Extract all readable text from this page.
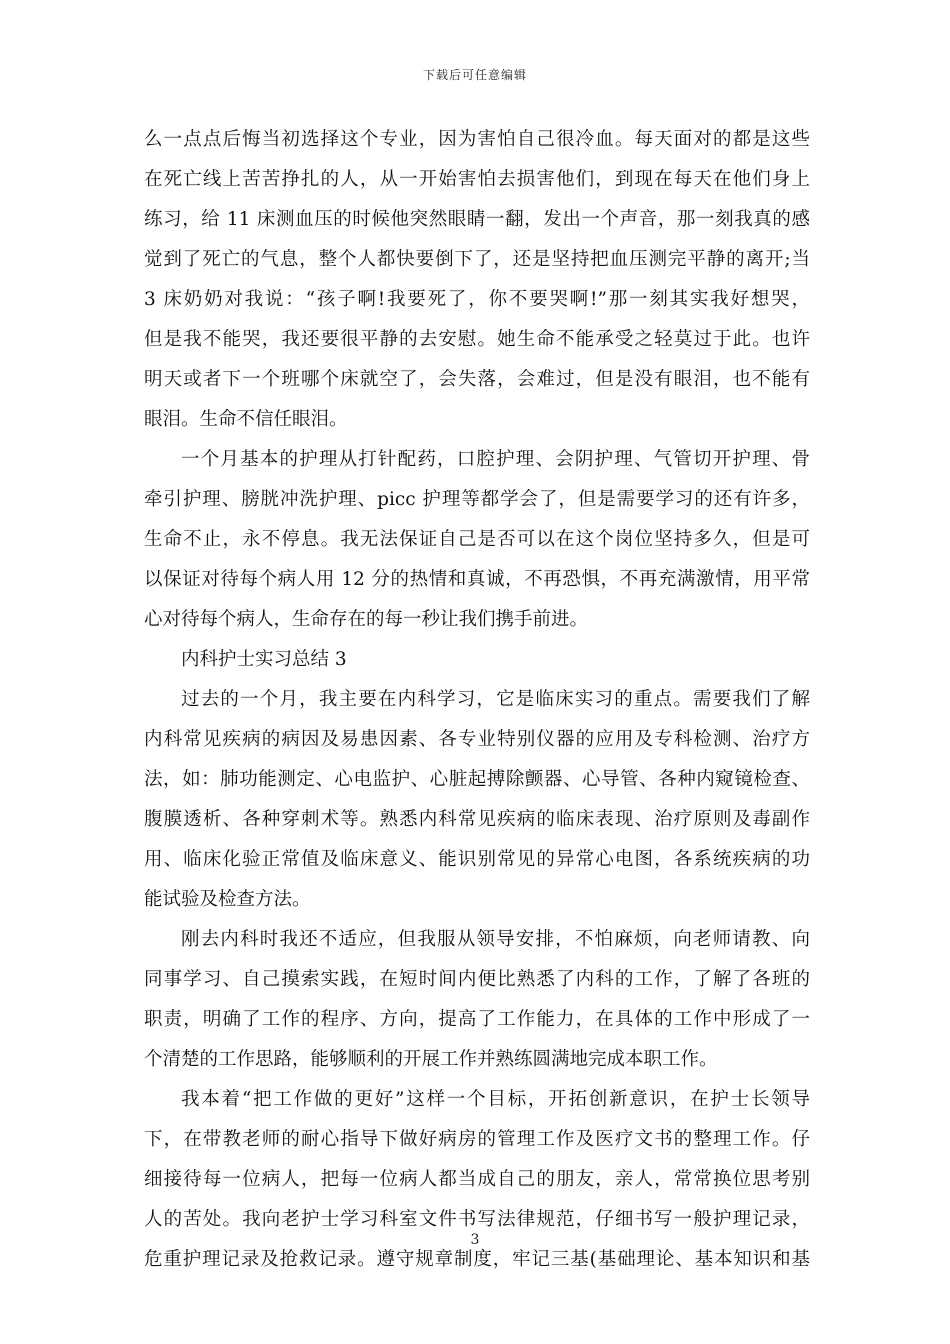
下载后可任意编辑
么一点点后悔当初选择这个专业，因为害怕自己很冷血。每天面对的都是这些
在死亡线上苦苦挣扎的人，从一开始害怕去损害他们，到现在每天在他们身上
练习，给 11 床测血压的时候他突然眼睛一翻，发出一个声音，那一刻我真的感
觉到了死亡的气息，整个人都快要倒下了，还是坚持把血压测完平静的离开;当
3 床奶奶对我说：“孩子啊!我要死了，你不要哭啊!”那一刻其实我好想哭，
但是我不能哭，我还要很平静的去安慰。她生命不能承受之轻莫过于此。也许
明天或者下一个班哪个床就空了，会失落，会难过，但是没有眼泪，也不能有
眼泪。生命不信任眼泪。
一个月基本的护理从打针配药，口腔护理、会阴护理、气管切开护理、骨
牵引护理、膀胱冲洗护理、picc 护理等都学会了，但是需要学习的还有许多，
生命不止，永不停息。我无法保证自己是否可以在这个岗位坚持多久，但是可
以保证对待每个病人用 12 分的热情和真诚，不再恐惧，不再充满激情，用平常
心对待每个病人，生命存在的每一秒让我们携手前进。
内科护士实习总结 3
过去的一个月，我主要在内科学习，它是临床实习的重点。需要我们了解
内科常见疾病的病因及易患因素、各专业特别仪器的应用及专科检测、治疗方
法，如：肺功能测定、心电监护、心脏起搏除颤器、心导管、各种内窥镜检查、
腹膜透析、各种穿刺术等。熟悉内科常见疾病的临床表现、治疗原则及毒副作
用、临床化验正常值及临床意义、能识别常见的异常心电图，各系统疾病的功
能试验及检查方法。
刚去内科时我还不适应，但我服从领导安排，不怕麻烦，向老师请教、向
同事学习、自己摸索实践，在短时间内便比熟悉了内科的工作，了解了各班的
职责，明确了工作的程序、方向，提高了工作能力，在具体的工作中形成了一
个清楚的工作思路，能够顺利的开展工作并熟练圆满地完成本职工作。
我本着“把工作做的更好”这样一个目标，开拓创新意识，在护士长领导
下，在带教老师的耐心指导下做好病房的管理工作及医疗文书的整理工作。仔
细接待每一位病人，把每一位病人都当成自己的朋友，亲人，常常换位思考别
人的苦处。我向老护士学习科室文件书写法律规范，仔细书写一般护理记录，
危重护理记录及抢救记录。遵守规章制度，牢记三基(基础理论、基本知识和基
3
